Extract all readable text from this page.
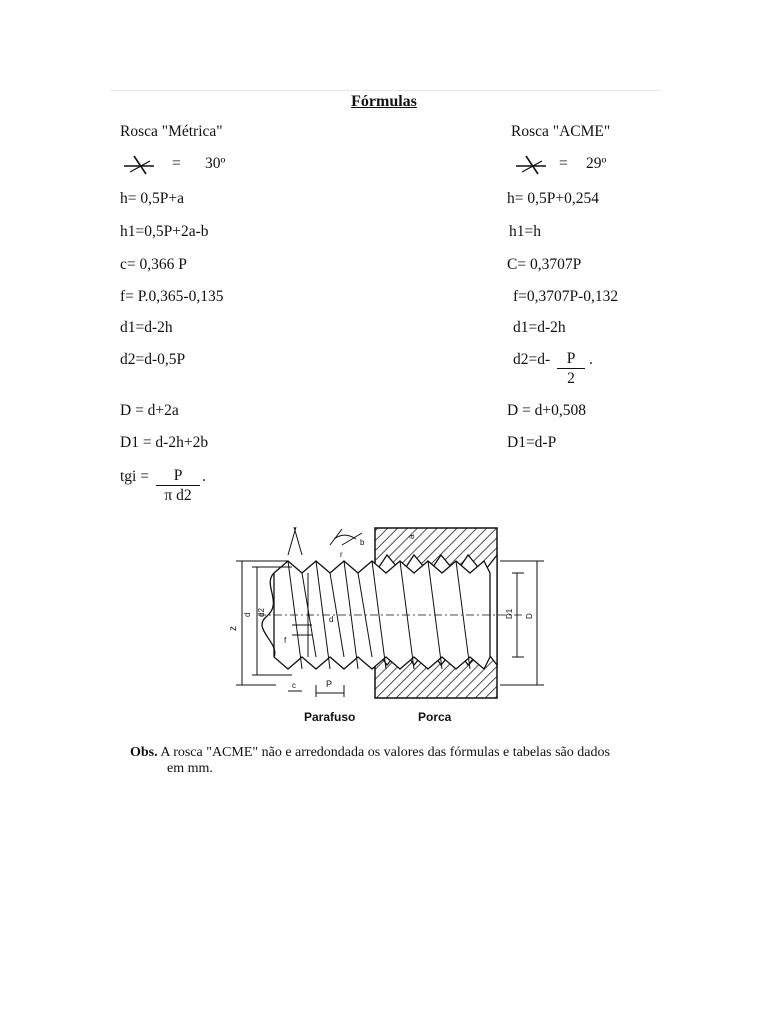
Fórmulas
Rosca "Métrica"
= 30º
h= 0,5P+a
h1=0,5P+2a-b
c= 0,366 P
f= P.0,365-0,135
d1=d-2h
d2=d-0,5P
D = d+2a
D1 = d-2h+2b
tgi = $\frac{P}{\text{π d2}}$ .
Rosca "ACME"
= 29º
h= 0,5P+0,254
h1=h
C= 0,3707P
f=0,3707P-0,132
d1=d-2h
$d2=d- \frac{P}{2}$ .
D = d+0,508
D1=d-P
z
d d2	D1 D
P
c
f
d
r
b
a
Parafuso	Porca
Obs. A rosca "ACME" não e arredondada os valores das fórmulas e tabelas são dados
em mm.
